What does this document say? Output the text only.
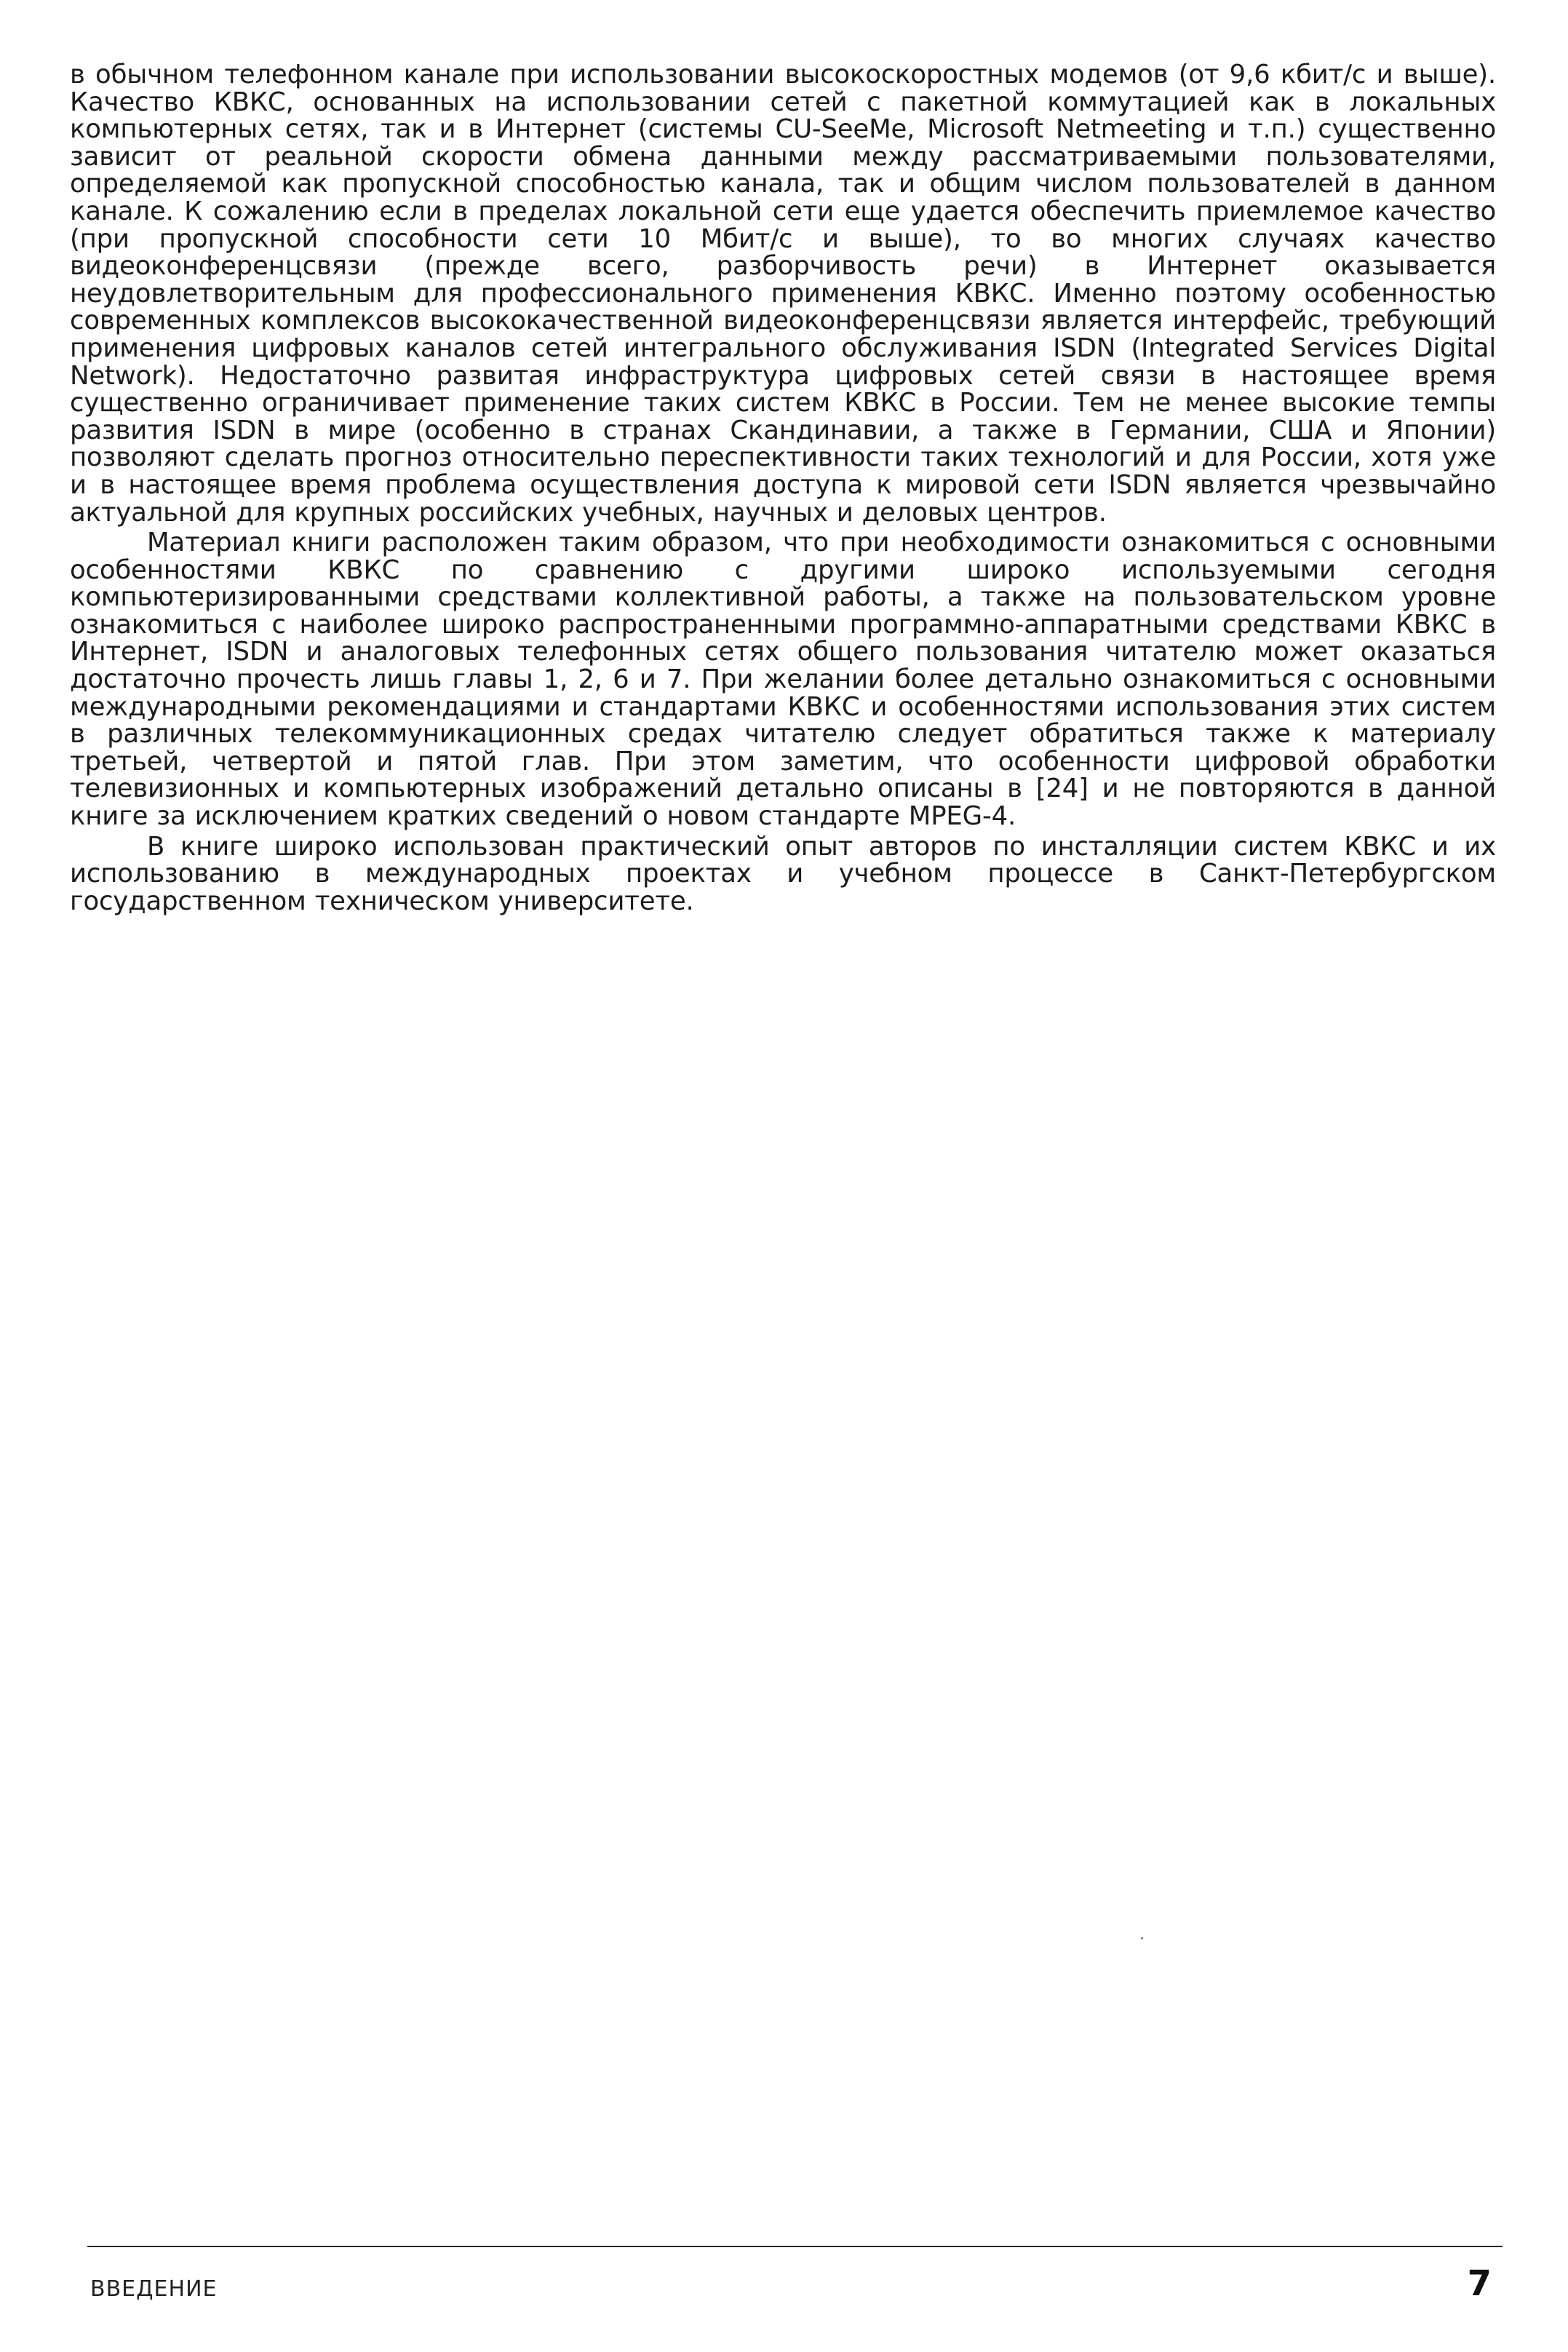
в обычном телефонном канале при использовании высокоскоростных модемов (от 9,6 кбит/с и выше). Качество КВКС, основанных на использовании сетей с пакетной коммутацией как в локальных компьютерных сетях, так и в Интернет (системы CU-SeeMe, Microsoft Netmeeting и т.п.) существенно зависит от реальной скорости обмена данными между рассматриваемыми пользователями, определяемой как пропускной способностью канала, так и общим числом пользователей в данном канале. К сожалению если в пределах локальной сети еще удается обеспечить приемлемое качество (при пропускной способности сети 10 Мбит/с и выше), то во многих случаях качество видеоконференцсвязи (прежде всего, разборчивость речи) в Интернет оказывается неудовлетворительным для профессионального применения КВКС. Именно поэтому особенностью современных комплексов высококачественной видеоконференцсвязи является интерфейс, требующий применения цифровых каналов сетей интегрального обслуживания ISDN (Integrated Services Digital Network). Недостаточно развитая инфраструктура цифровых сетей связи в настоящее время существенно ограничивает применение таких систем КВКС в России. Тем не менее высокие темпы развития ISDN в мире (особенно в странах Скандинавии, а также в Германии, США и Японии) позволяют сделать прогноз относительно переспективности таких технологий и для России, хотя уже и в настоящее время проблема осуществления доступа к мировой сети ISDN является чрезвычайно актуальной для крупных российских учебных, научных и деловых центров.

Материал книги расположен таким образом, что при необходимости ознакомиться с основными особенностями КВКС по сравнению с другими широко используемыми сегодня компьютеризированными средствами коллективной работы, а также на пользовательском уровне ознакомиться с наиболее широко распространенными программно-аппаратными средствами КВКС в Интернет, ISDN и аналоговых телефонных сетях общего пользования читателю может оказаться достаточно прочесть лишь главы 1, 2, 6 и 7. При желании более детально ознакомиться с основными международными рекомендациями и стандартами КВКС и особенностями использования этих систем в различных телекоммуникационных средах читателю следует обратиться также к материалу третьей, четвертой и пятой глав. При этом заметим, что особенности цифровой обработки телевизионных и компьютерных изображений детально описаны в [24] и не повторяются в данной книге за исключением кратких сведений о новом стандарте MPEG-4.

В книге широко использован практический опыт авторов по инсталляции систем КВКС и их использованию в международных проектах и учебном процессе в Санкт-Петербургском государственном техническом университете.

ВВЕДЕНИЕ	7
